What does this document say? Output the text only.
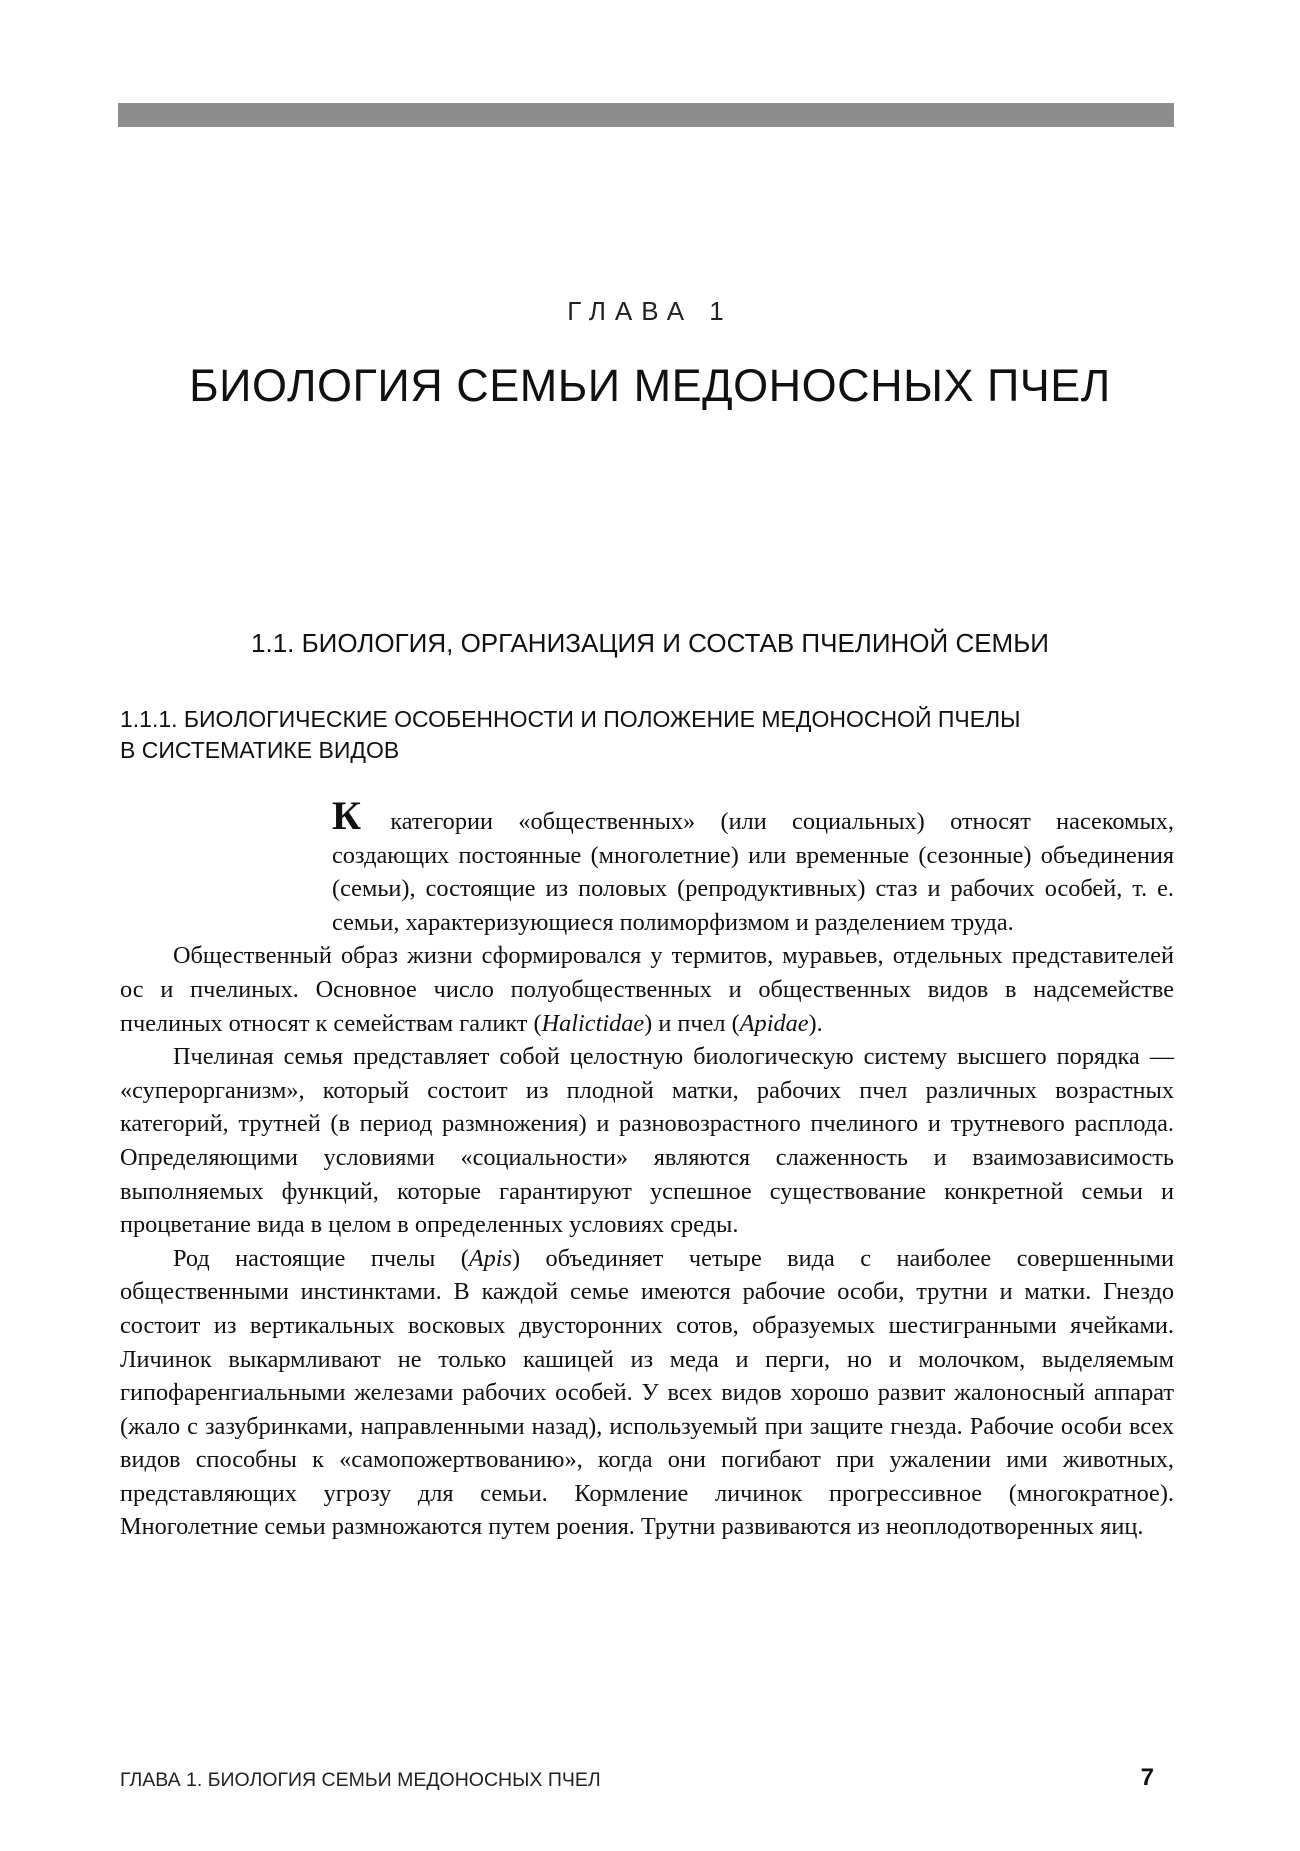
ГЛАВА 1
БИОЛОГИЯ СЕМЬИ МЕДОНОСНЫХ ПЧЕЛ
1.1. БИОЛОГИЯ, ОРГАНИЗАЦИЯ И СОСТАВ ПЧЕЛИНОЙ СЕМЬИ
1.1.1. БИОЛОГИЧЕСКИЕ ОСОБЕННОСТИ И ПОЛОЖЕНИЕ МЕДОНОСНОЙ ПЧЕЛЫ
В СИСТЕМАТИКЕ ВИДОВ

К категории «общественных» (или социальных) относят насекомых, создающих постоянные (многолетние) или временные (сезонные) объединения (семьи), состоящие из половых (репродуктивных) стаз и рабочих особей, т. е. семьи, характеризующиеся полиморфизмом и разделением труда.

Общественный образ жизни сформировался у термитов, муравьев, отдельных представителей ос и пчелиных. Основное число полуобщественных и общественных видов в надсемействе пчелиных относят к семействам галикт (Halictidae) и пчел (Apidae).

Пчелиная семья представляет собой целостную биологическую систему высшего порядка — «суперорганизм», который состоит из плодной матки, рабочих пчел различных возрастных категорий, трутней (в период размножения) и разновозрастного пчелиного и трутневого расплода. Определяющими условиями «социальности» являются слаженность и взаимозависимость выполняемых функций, которые гарантируют успешное существование конкретной семьи и процветание вида в целом в определенных условиях среды.

Род настоящие пчелы (Apis) объединяет четыре вида с наиболее совершенными общественными инстинктами. В каждой семье имеются рабочие особи, трутни и матки. Гнездо состоит из вертикальных восковых двусторонних сотов, образуемых шестигранными ячейками. Личинок выкармливают не только кашицей из меда и перги, но и молочком, выделяемым гипофаренгиальными железами рабочих особей. У всех видов хорошо развит жалоносный аппарат (жало с зазубринками, направленными назад), используемый при защите гнезда. Рабочие особи всех видов способны к «самопожертвованию», когда они погибают при ужалении ими животных, представляющих угрозу для семьи. Кормление личинок прогрессивное (многократное). Многолетние семьи размножаются путем роения. Трутни развиваются из неоплодотворенных яиц.

ГЛАВА 1. БИОЛОГИЯ СЕМЬИ МЕДОНОСНЫХ ПЧЕЛ	7
